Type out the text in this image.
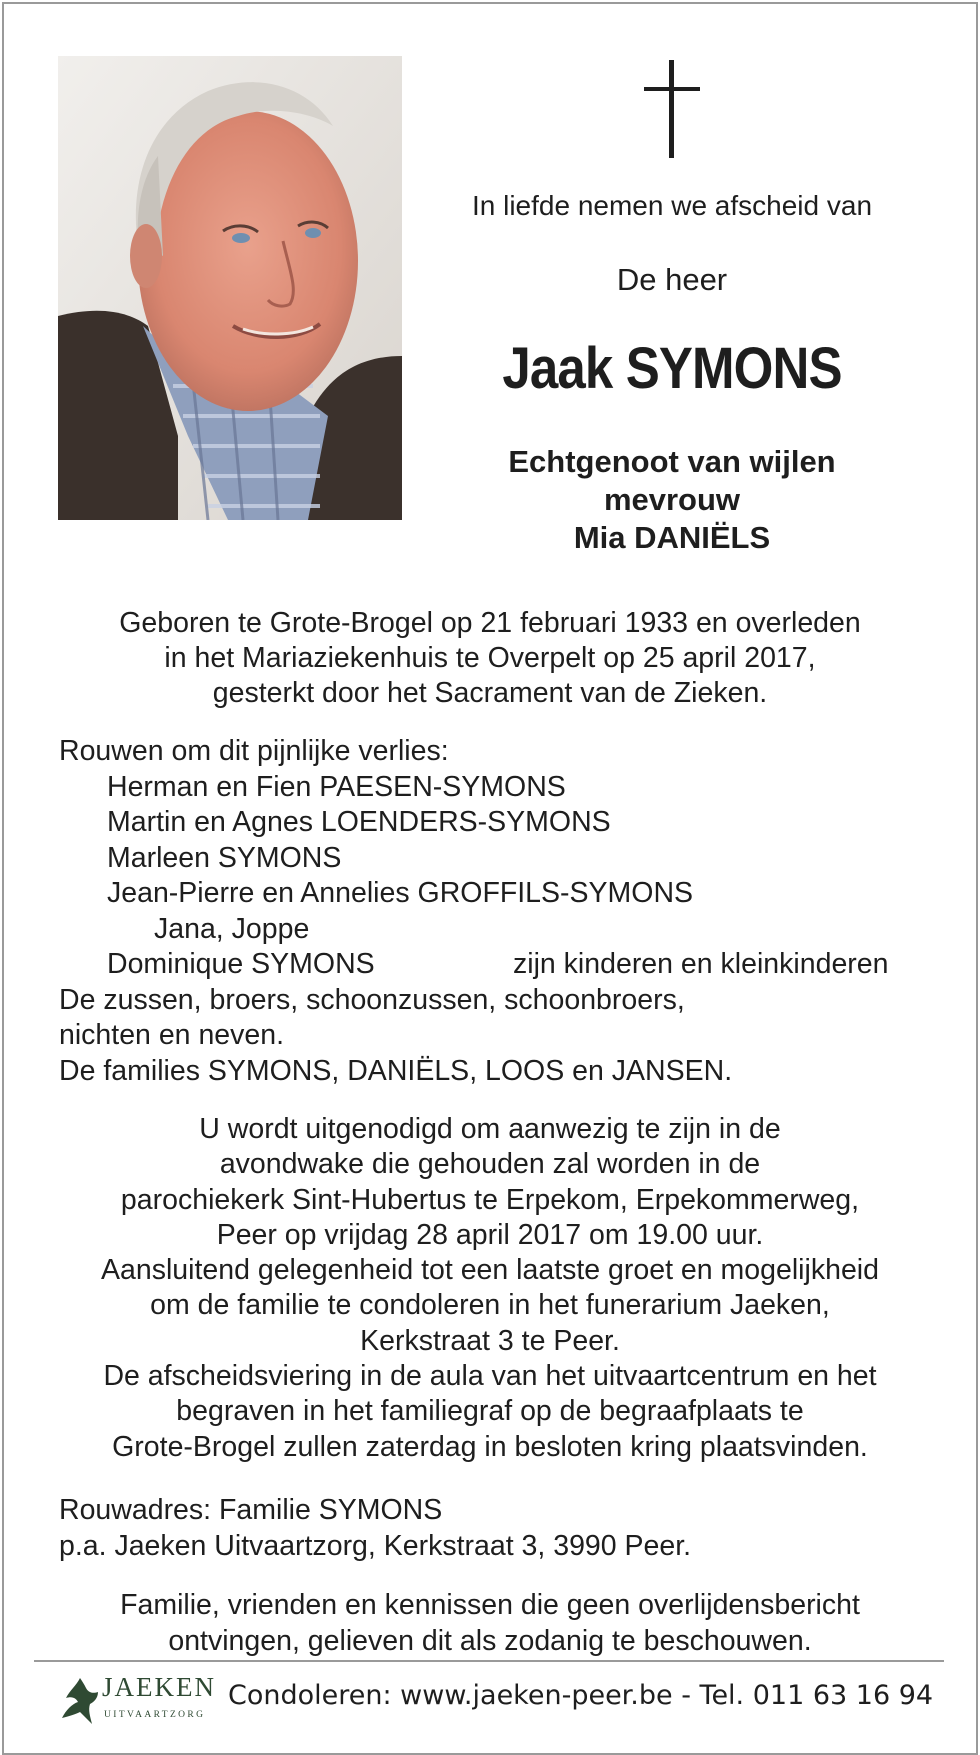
In liefde nemen we afscheid van
De heer
Jaak SYMONS
Echtgenoot van wijlen
mevrouw
Mia DANIËLS
Geboren te Grote-Brogel op 21 februari 1933 en overleden
in het Mariaziekenhuis te Overpelt op 25 april 2017,
gesterkt door het Sacrament van de Zieken.
Rouwen om dit pijnlijke verlies:
Herman en Fien PAESEN-SYMONS
Martin en Agnes LOENDERS-SYMONS
Marleen SYMONS
Jean-Pierre en Annelies GROFFILS-SYMONS
Jana, Joppe
Dominique SYMONS	zijn kinderen en kleinkinderen
De zussen, broers, schoonzussen, schoonbroers,
nichten en neven.
De families SYMONS, DANIËLS, LOOS en JANSEN.
U wordt uitgenodigd om aanwezig te zijn in de
avondwake die gehouden zal worden in de
parochiekerk Sint-Hubertus te Erpekom, Erpekommerweg,
Peer op vrijdag 28 april 2017 om 19.00 uur.
Aansluitend gelegenheid tot een laatste groet en mogelijkheid
om de familie te condoleren in het funerarium Jaeken,
Kerkstraat 3 te Peer.
De afscheidsviering in de aula van het uitvaartcentrum en het
begraven in het familiegraf op de begraafplaats te
Grote-Brogel zullen zaterdag in besloten kring plaatsvinden.
Rouwadres: Familie SYMONS
p.a. Jaeken Uitvaartzorg, Kerkstraat 3, 3990 Peer.
Familie, vrienden en kennissen die geen overlijdensbericht
ontvingen, gelieven dit als zodanig te beschouwen.
JAEKEN
UITVAARTZORG
Condoleren: www.jaeken-peer.be - Tel. 011 63 16 94
